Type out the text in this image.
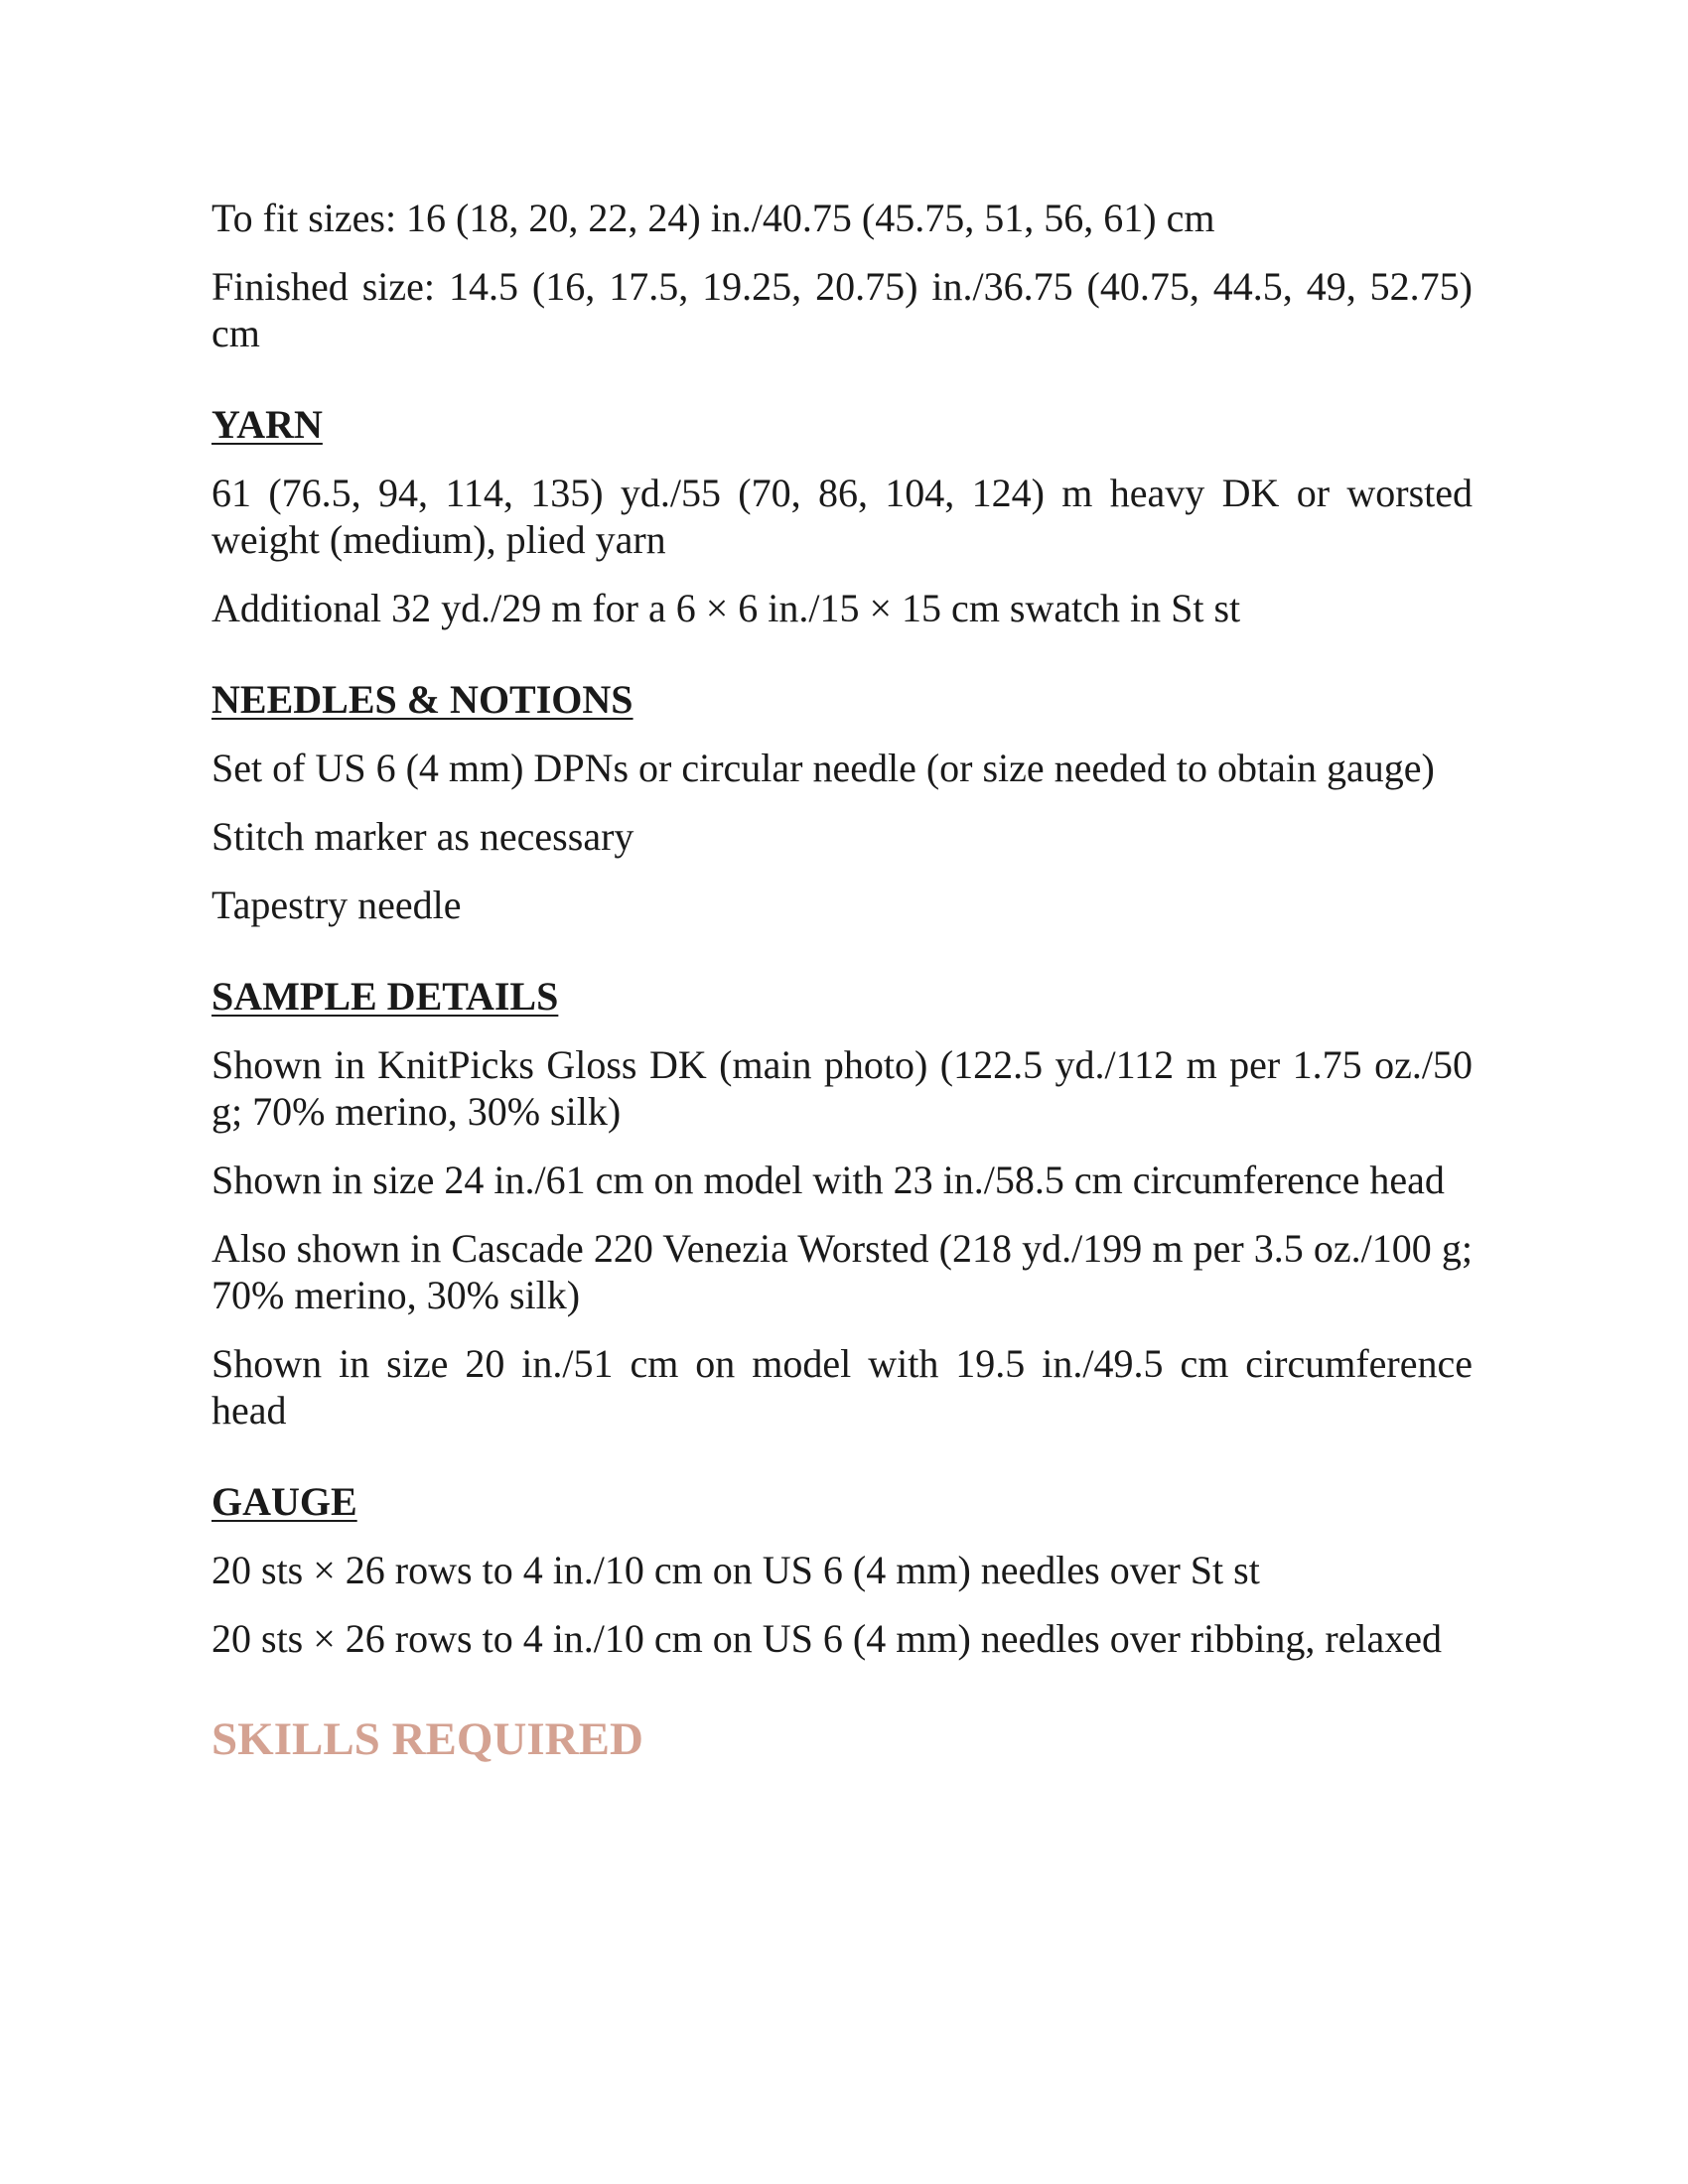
To fit sizes: 16 (18, 20, 22, 24) in./40.75 (45.75, 51, 56, 61) cm

Finished size: 14.5 (16, 17.5, 19.25, 20.75) in./36.75 (40.75, 44.5, 49, 52.75) cm

YARN

61 (76.5, 94, 114, 135) yd./55 (70, 86, 104, 124) m heavy DK or worsted weight (medium), plied yarn

Additional 32 yd./29 m for a 6 × 6 in./15 × 15 cm swatch in St st

NEEDLES & NOTIONS

Set of US 6 (4 mm) DPNs or circular needle (or size needed to obtain gauge)

Stitch marker as necessary

Tapestry needle

SAMPLE DETAILS

Shown in KnitPicks Gloss DK (main photo) (122.5 yd./112 m per 1.75 oz./50 g; 70% merino, 30% silk)

Shown in size 24 in./61 cm on model with 23 in./58.5 cm circumference head

Also shown in Cascade 220 Venezia Worsted (218 yd./199 m per 3.5 oz./100 g; 70% merino, 30% silk)

Shown in size 20 in./51 cm on model with 19.5 in./49.5 cm circumference head

GAUGE

20 sts × 26 rows to 4 in./10 cm on US 6 (4 mm) needles over St st

20 sts × 26 rows to 4 in./10 cm on US 6 (4 mm) needles over ribbing, relaxed

SKILLS REQUIRED
